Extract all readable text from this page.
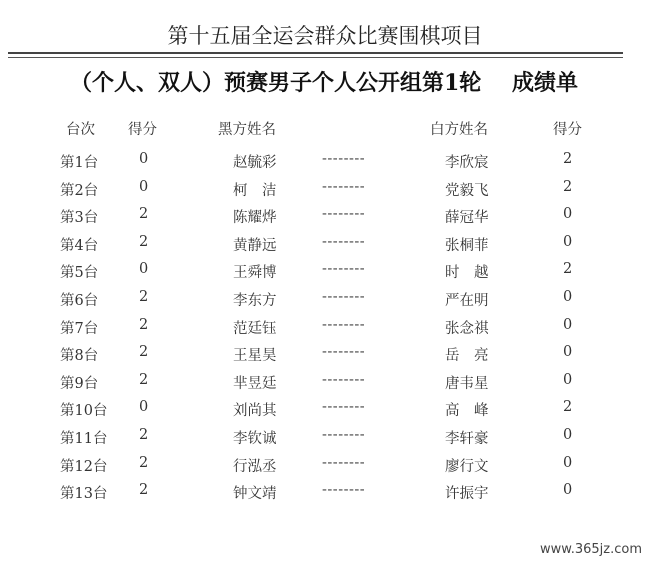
第十五届全运会群众比赛围棋项目
（个人、双人）预赛男子个人公开组第1轮    成绩单
台次 得分	黑方姓名	白方姓名	得分
第1台	0	赵毓彩	--------	李欣宸	2
第2台	0	柯　洁	--------	党毅飞	2
第3台	2	陈耀烨	--------	薛冠华	0
第4台	2	黄静远	--------	张桐菲	0
第5台	0	王舜博	--------	时　越	2
第6台	2	李东方	--------	严在明	0
第7台	2	范廷钰	--------	张念祺	0
第8台	2	王星昊	--------	岳　亮	0
第9台	2	芈昱廷	--------	唐韦星	0
第10台 0	刘尚其	--------	高　峰	2
第11台 2	李钦诚	--------	李轩豪	0
第12台 2	行泓丞	--------	廖行文	0
第13台 2	钟文靖	--------	许振宇	0
www.365jz.com
